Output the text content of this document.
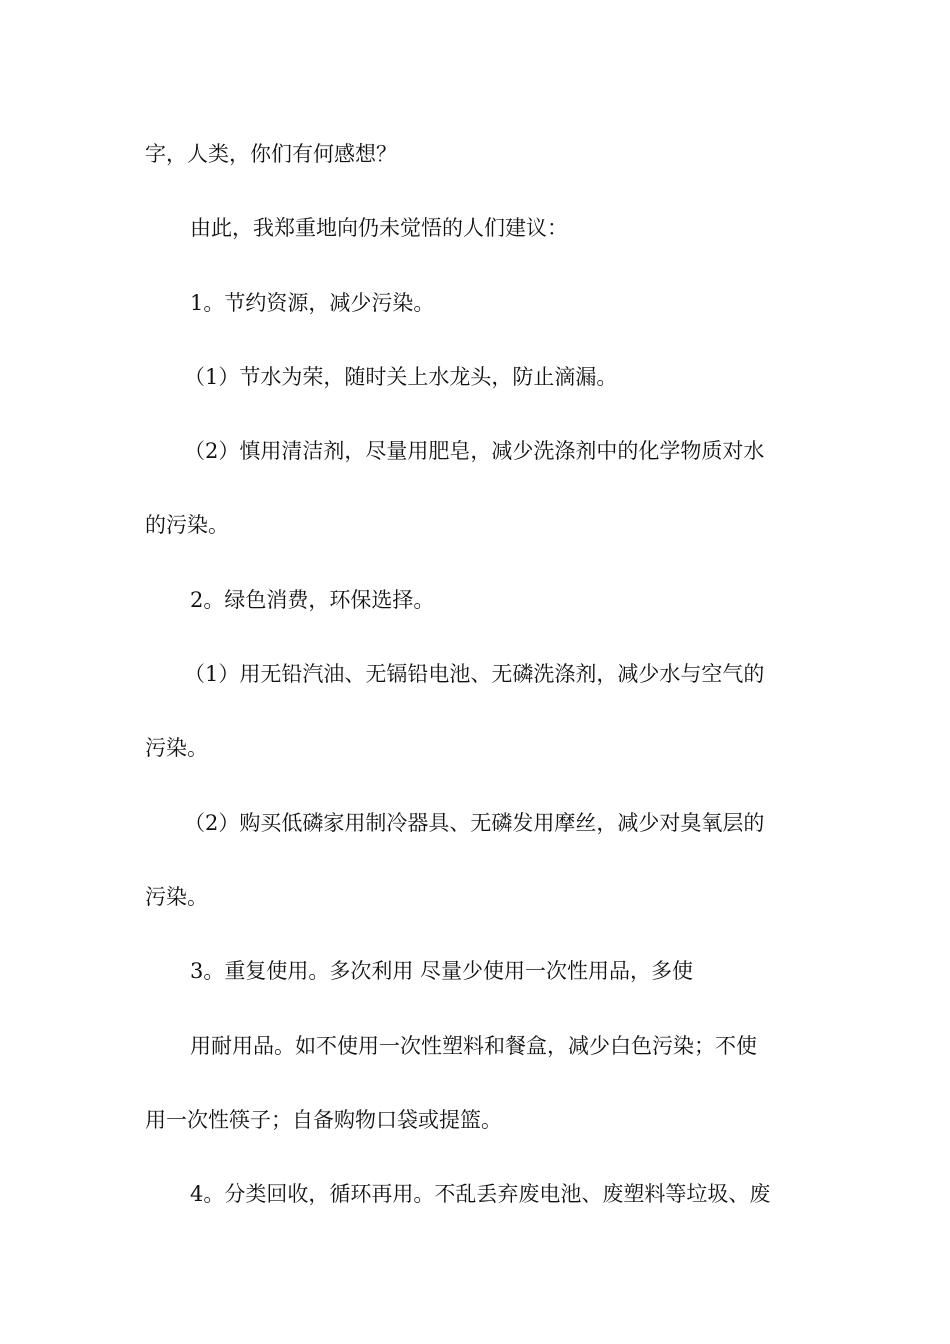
字，人类，你们有何感想？
由此，我郑重地向仍未觉悟的人们建议：
1。节约资源，减少污染。
（1）节水为荣，随时关上水龙头，防止滴漏。
（2）慎用清洁剂，尽量用肥皂，减少洗涤剂中的化学物质对水
的污染。
2。绿色消费，环保选择。
（1）用无铅汽油、无镉铅电池、无磷洗涤剂，减少水与空气的
污染。
（2）购买低磷家用制冷器具、无磷发用摩丝，减少对臭氧层的
污染。
3。重复使用。多次利用 尽量少使用一次性用品，多使
用耐用品。如不使用一次性塑料和餐盒，减少白色污染；不使
用一次性筷子；自备购物口袋或提篮。
4。分类回收，循环再用。不乱丢弃废电池、废塑料等垃圾、废
